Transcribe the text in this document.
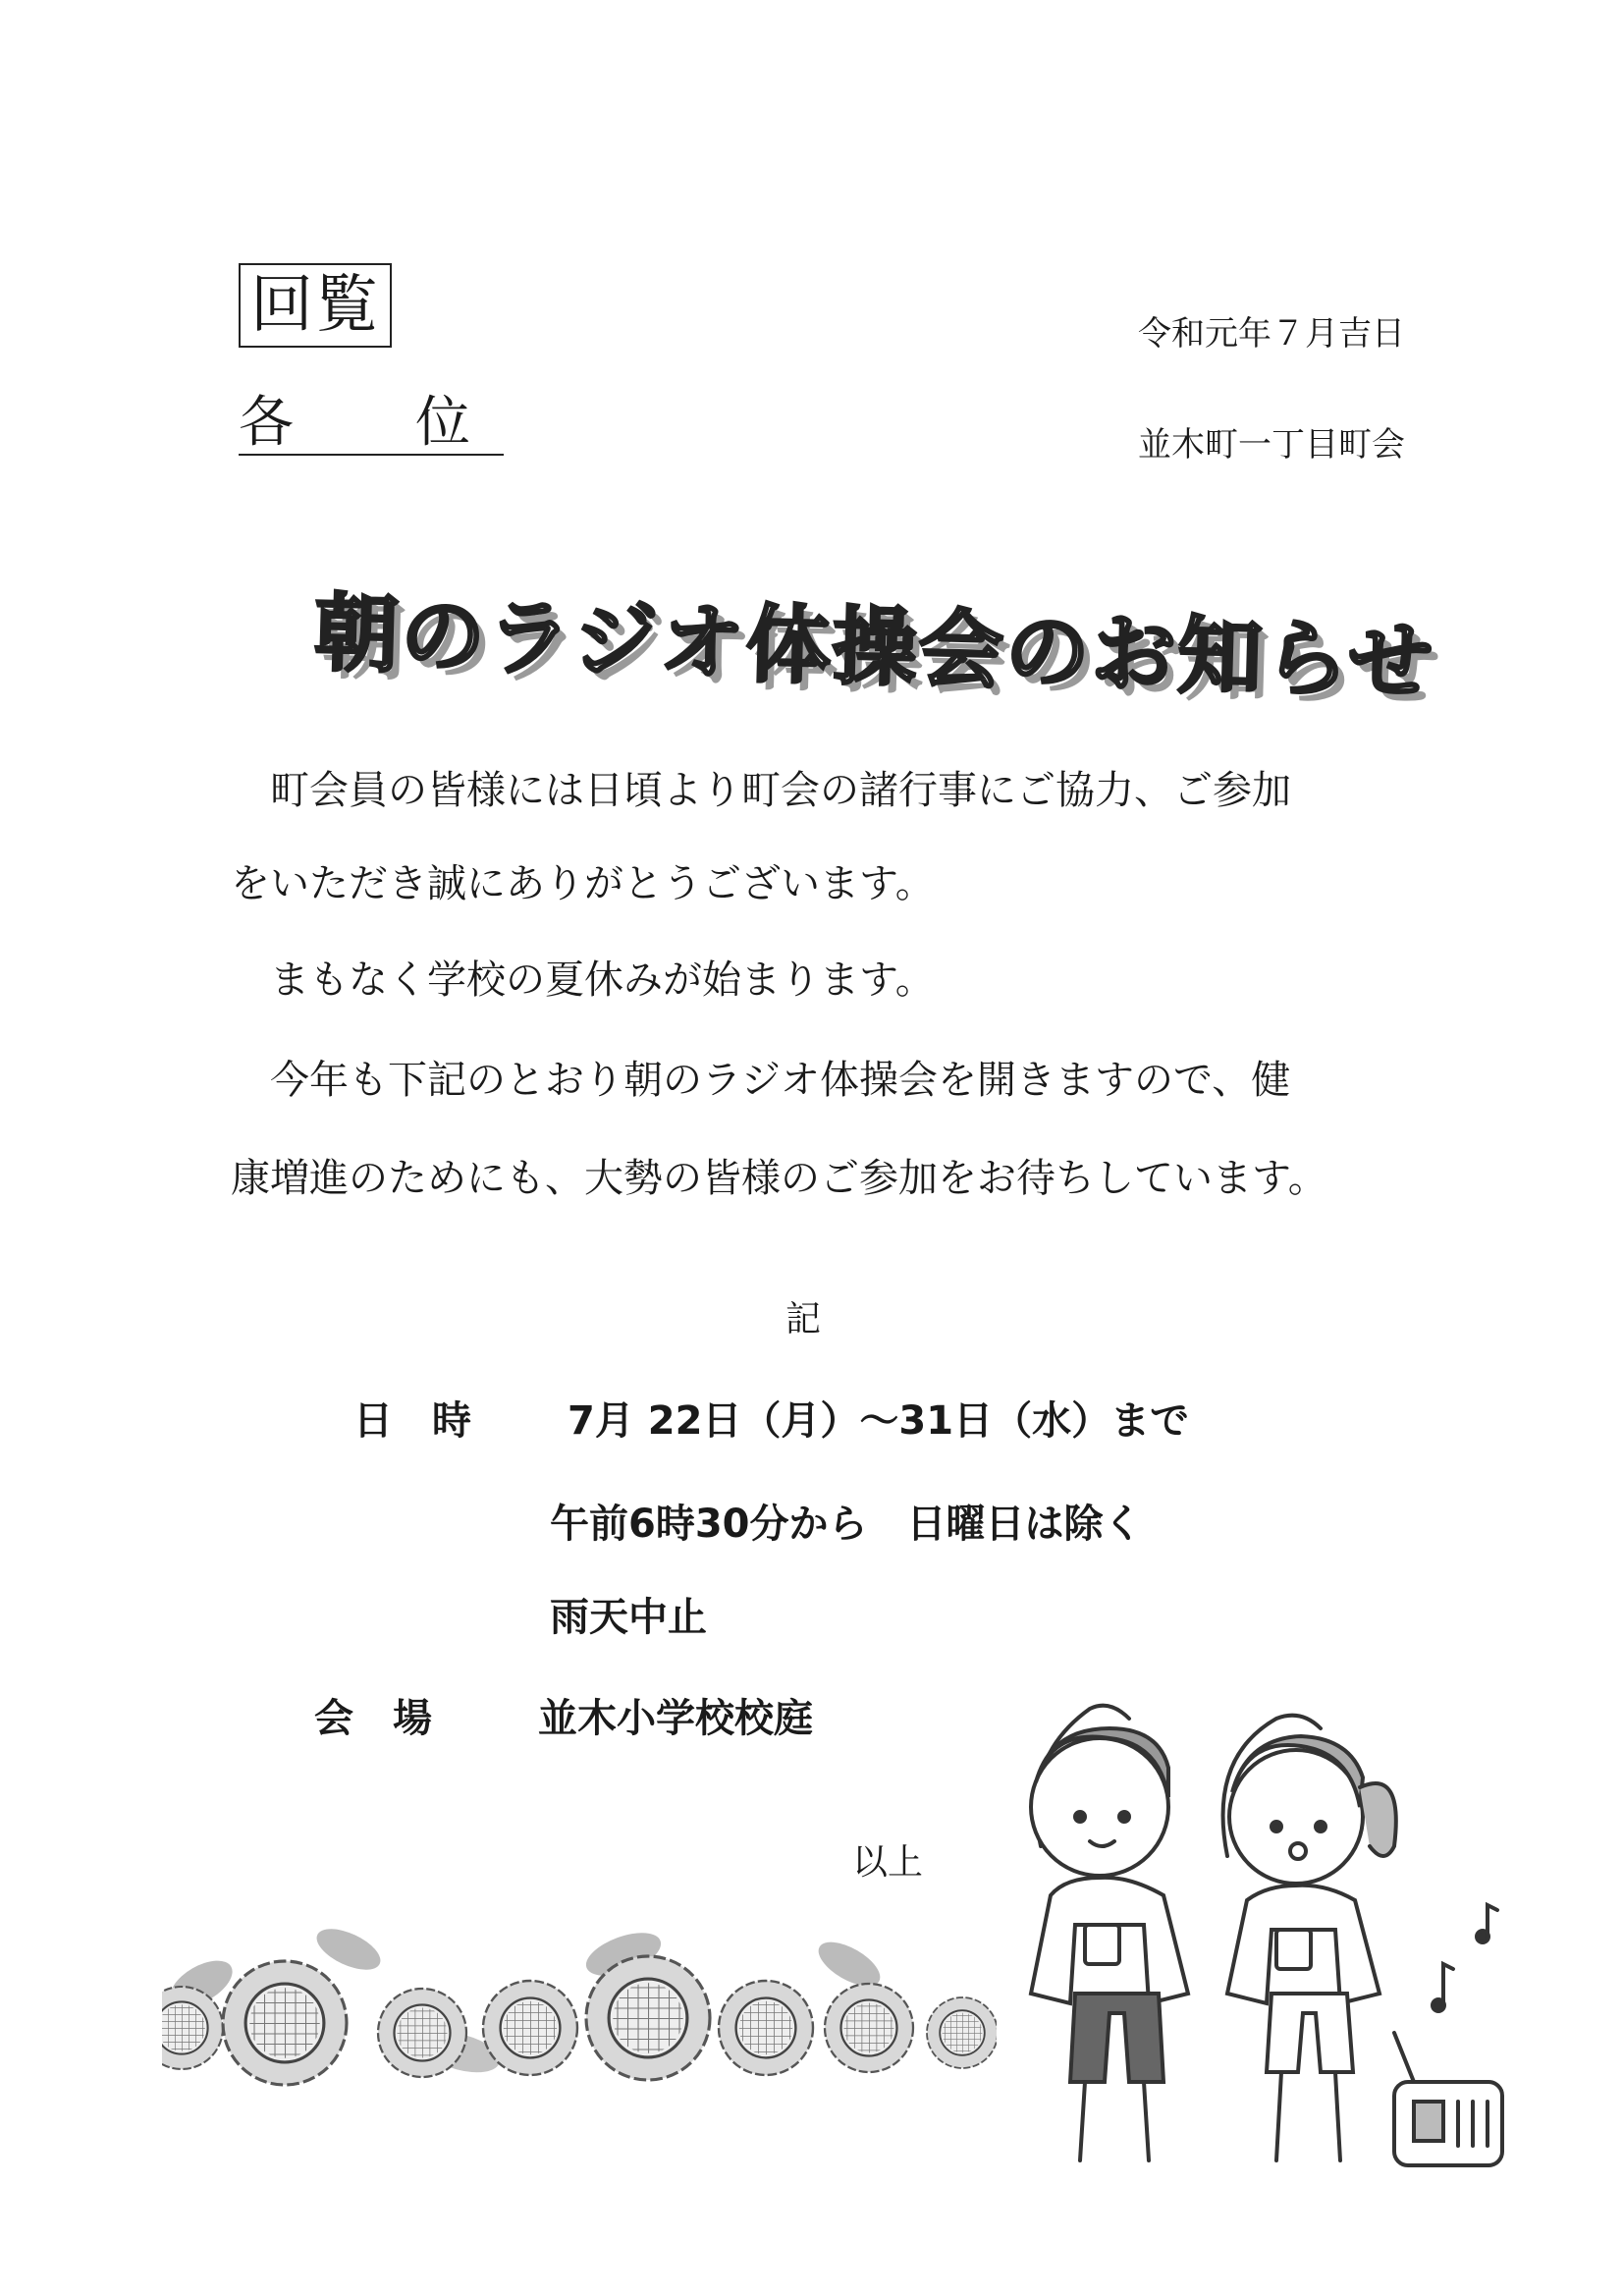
回覧
各　位
令和元年７月吉日
並木町一丁目町会
朝のラジオ体操会のお知らせ
　町会員の皆様には日頃より町会の諸行事にご協力、ご参加
をいただき誠にありがとうございます。
　まもなく学校の夏休みが始まります。
　今年も下記のとおり朝のラジオ体操会を開きますので、健
康増進のためにも、大勢の皆様のご参加をお待ちしています。
記
日　時 7月 22日（月）～31日（水）まで
午前6時30分から　日曜日は除く
雨天中止
会　場	並木小学校校庭
以上
